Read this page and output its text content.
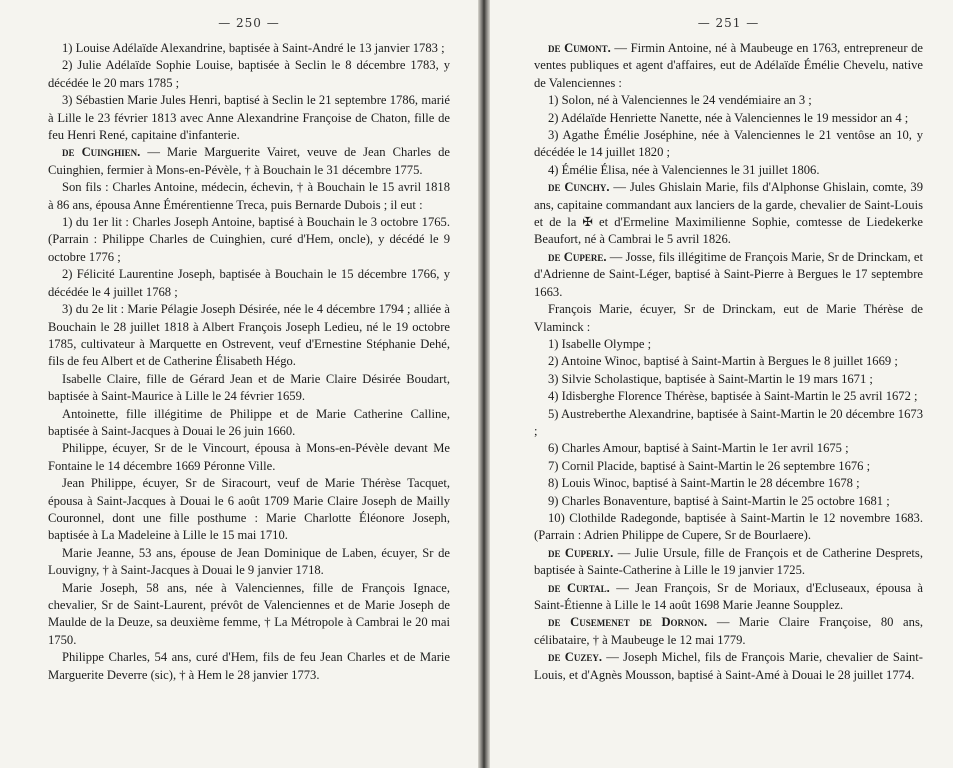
— 250 —

1) Louise Adélaïde Alexandrine, baptisée à Saint-André le 13 janvier 1783 ;

2) Julie Adélaïde Sophie Louise, baptisée à Seclin le 8 décembre 1783, y décédée le 20 mars 1785 ;

3) Sébastien Marie Jules Henri, baptisé à Seclin le 21 septembre 1786, marié à Lille le 23 février 1813 avec Anne Alexandrine Françoise de Chaton, fille de feu Henri René, capitaine d'infanterie.

de Cuinghien. — Marie Marguerite Vairet, veuve de Jean Charles de Cuinghien, fermier à Mons-en-Pévèle, † à Bouchain le 31 décembre 1775.

Son fils : Charles Antoine, médecin, échevin, † à Bouchain le 15 avril 1818 à 86 ans, épousa Anne Émérentienne Treca, puis Bernarde Dubois ; il eut :

1) du 1er lit : Charles Joseph Antoine, baptisé à Bouchain le 3 octobre 1765. (Parrain : Philippe Charles de Cuinghien, curé d'Hem, oncle), y décédé le 9 octobre 1776 ;

2) Félicité Laurentine Joseph, baptisée à Bouchain le 15 décembre 1766, y décédée le 4 juillet 1768 ;

3) du 2e lit : Marie Pélagie Joseph Désirée, née le 4 décembre 1794 ; alliée à Bouchain le 28 juillet 1818 à Albert François Joseph Ledieu, né le 19 octobre 1785, cultivateur à Marquette en Ostrevent, veuf d'Ernestine Stéphanie Dehé, fils de feu Albert et de Catherine Élisabeth Hégo.

Isabelle Claire, fille de Gérard Jean et de Marie Claire Désirée Boudart, baptisée à Saint-Maurice à Lille le 24 février 1659.

Antoinette, fille illégitime de Philippe et de Marie Catherine Calline, baptisée à Saint-Jacques à Douai le 26 juin 1660.

Philippe, écuyer, Sr de le Vincourt, épousa à Mons-en-Pévèle devant Me Fontaine le 14 décembre 1669 Péronne Ville.

Jean Philippe, écuyer, Sr de Siracourt, veuf de Marie Thérèse Tacquet, épousa à Saint-Jacques à Douai le 6 août 1709 Marie Claire Joseph de Mailly Couronnel, dont une fille posthume : Marie Charlotte Éléonore Joseph, baptisée à La Madeleine à Lille le 15 mai 1710.

Marie Jeanne, 53 ans, épouse de Jean Dominique de Laben, écuyer, Sr de Louvigny, † à Saint-Jacques à Douai le 9 janvier 1718.

Marie Joseph, 58 ans, née à Valenciennes, fille de François Ignace, chevalier, Sr de Saint-Laurent, prévôt de Valenciennes et de Marie Joseph de Maulde de la Deuze, sa deuxième femme, † La Métropole à Cambrai le 20 mai 1750.

Philippe Charles, 54 ans, curé d'Hem, fils de feu Jean Charles et de Marie Marguerite Deverre (sic), † à Hem le 28 janvier 1773.

— 251 —

de Cumont. — Firmin Antoine, né à Maubeuge en 1763, entrepreneur de ventes publiques et agent d'affaires, eut de Adélaïde Émélie Chevelu, native de Valenciennes :

1) Solon, né à Valenciennes le 24 vendémiaire an 3 ;

2) Adélaïde Henriette Nanette, née à Valenciennes le 19 messidor an 4 ;

3) Agathe Émélie Joséphine, née à Valenciennes le 21 ventôse an 10, y décédée le 14 juillet 1820 ;

4) Émélie Élisa, née à Valenciennes le 31 juillet 1806.

de Cunchy. — Jules Ghislain Marie, fils d'Alphonse Ghislain, comte, 39 ans, capitaine commandant aux lanciers de la garde, chevalier de Saint-Louis et de la ✠ et d'Ermeline Maximilienne Sophie, comtesse de Liedekerke Beaufort, né à Cambrai le 5 avril 1826.

de Cupere. — Josse, fils illégitime de François Marie, Sr de Drinckam, et d'Adrienne de Saint-Léger, baptisé à Saint-Pierre à Bergues le 17 septembre 1663.

François Marie, écuyer, Sr de Drinckam, eut de Marie Thérèse de Vlaminck :

1) Isabelle Olympe ;

2) Antoine Winoc, baptisé à Saint-Martin à Bergues le 8 juillet 1669 ;

3) Silvie Scholastique, baptisée à Saint-Martin le 19 mars 1671 ;

4) Idisberghe Florence Thérèse, baptisée à Saint-Martin le 25 avril 1672 ;

5) Austreberthe Alexandrine, baptisée à Saint-Martin le 20 décembre 1673 ;

6) Charles Amour, baptisé à Saint-Martin le 1er avril 1675 ;

7) Cornil Placide, baptisé à Saint-Martin le 26 septembre 1676 ;

8) Louis Winoc, baptisé à Saint-Martin le 28 décembre 1678 ;

9) Charles Bonaventure, baptisé à Saint-Martin le 25 octobre 1681 ;

10) Clothilde Radegonde, baptisée à Saint-Martin le 12 novembre 1683. (Parrain : Adrien Philippe de Cupere, Sr de Bourlaere).

de Cuperly. — Julie Ursule, fille de François et de Catherine Desprets, baptisée à Sainte-Catherine à Lille le 19 janvier 1725.

de Curtal. — Jean François, Sr de Moriaux, d'Ecluseaux, épousa à Saint-Étienne à Lille le 14 août 1698 Marie Jeanne Soupplez.

de Cusemenet de Dornon. — Marie Claire Françoise, 80 ans, célibataire, † à Maubeuge le 12 mai 1779.

de Cuzey. — Joseph Michel, fils de François Marie, chevalier de Saint-Louis, et d'Agnès Mousson, baptisé à Saint-Amé à Douai le 28 juillet 1774.
